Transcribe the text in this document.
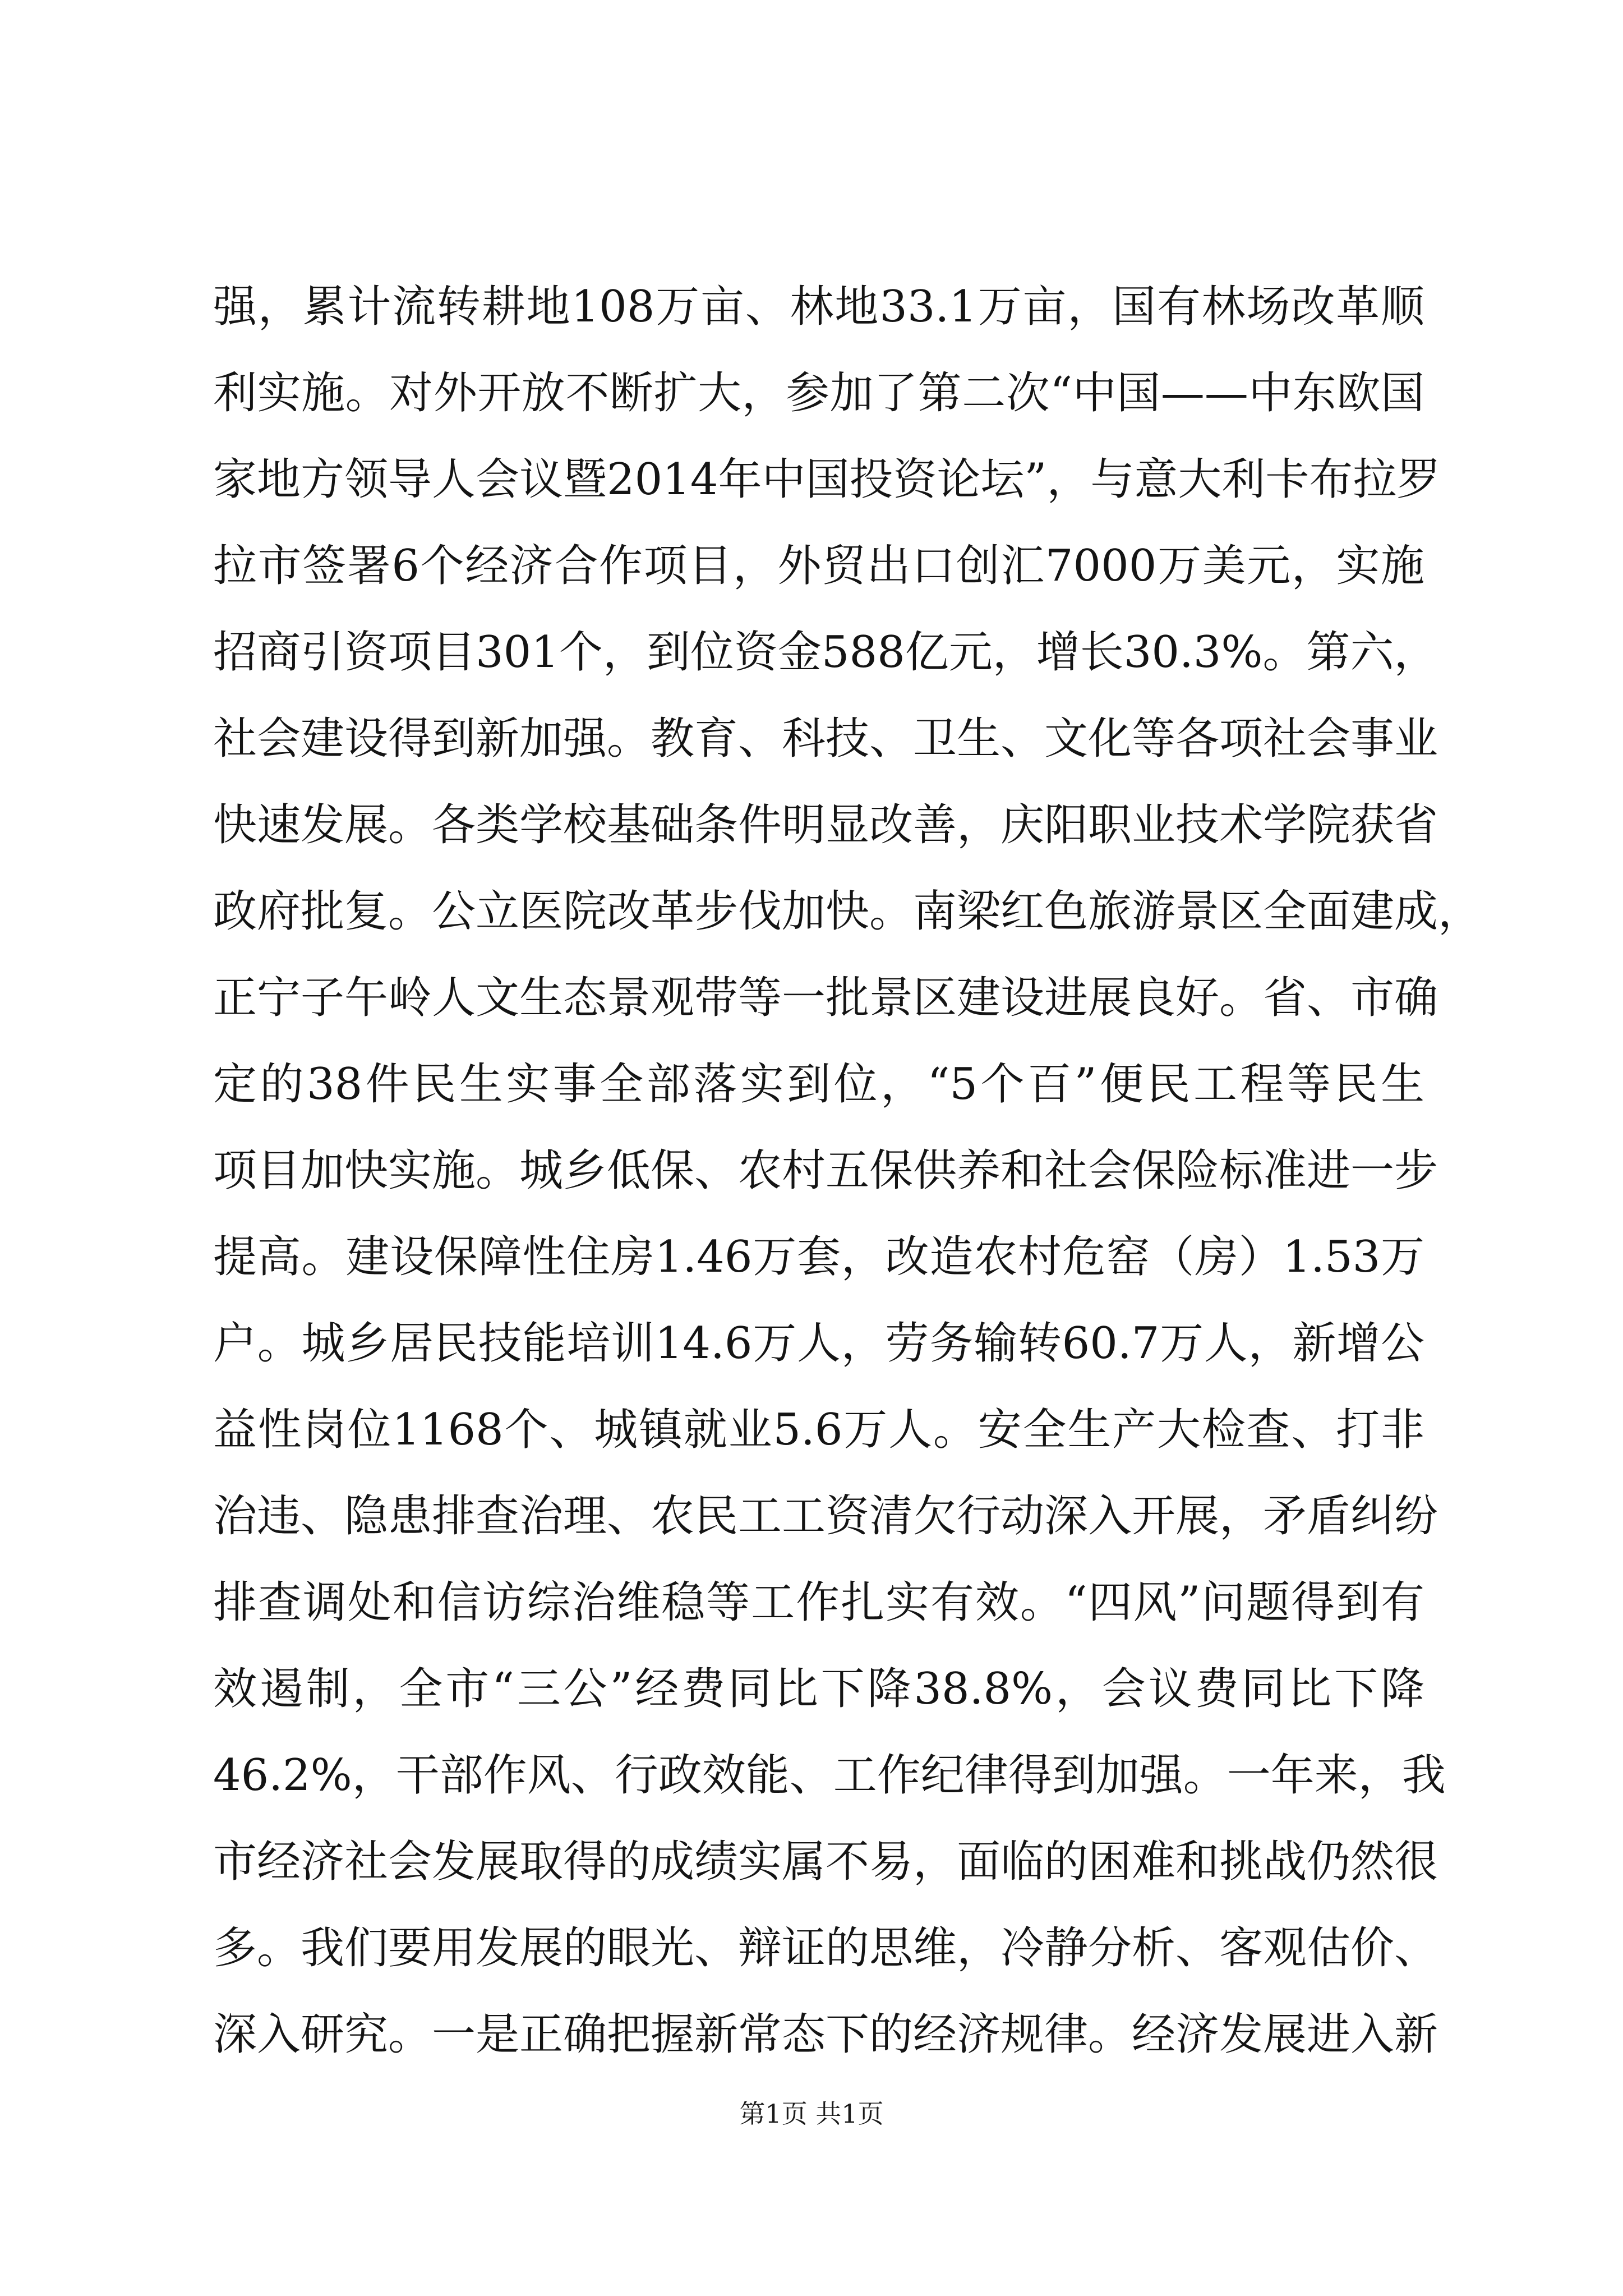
强，累计流转耕地108万亩、林地33.1万亩，国有林场改革顺
利实施。对外开放不断扩大，参加了第二次“中国——中东欧国
家地方领导人会议暨2014年中国投资论坛”，与意大利卡布拉罗
拉市签署6个经济合作项目，外贸出口创汇7000万美元，实施
招商引资项目301个，到位资金588亿元，增长30.3%。第六，
社会建设得到新加强。教育、科技、卫生、文化等各项社会事业
快速发展。各类学校基础条件明显改善，庆阳职业技术学院获省
政府批复。公立医院改革步伐加快。南梁红色旅游景区全面建成，
正宁子午岭人文生态景观带等一批景区建设进展良好。省、市确
定的38件民生实事全部落实到位，“5个百”便民工程等民生
项目加快实施。城乡低保、农村五保供养和社会保险标准进一步
提高。建设保障性住房1.46万套，改造农村危窑（房）1.53万
户。城乡居民技能培训14.6万人，劳务输转60.7万人，新增公
益性岗位1168个、城镇就业5.6万人。安全生产大检查、打非
治违、隐患排查治理、农民工工资清欠行动深入开展，矛盾纠纷
排查调处和信访综治维稳等工作扎实有效。“四风”问题得到有
效遏制，全市“三公”经费同比下降38.8%，会议费同比下降
46.2%，干部作风、行政效能、工作纪律得到加强。一年来，我
市经济社会发展取得的成绩实属不易，面临的困难和挑战仍然很
多。我们要用发展的眼光、辩证的思维，冷静分析、客观估价、
深入研究。一是正确把握新常态下的经济规律。经济发展进入新
第1页 共1页
